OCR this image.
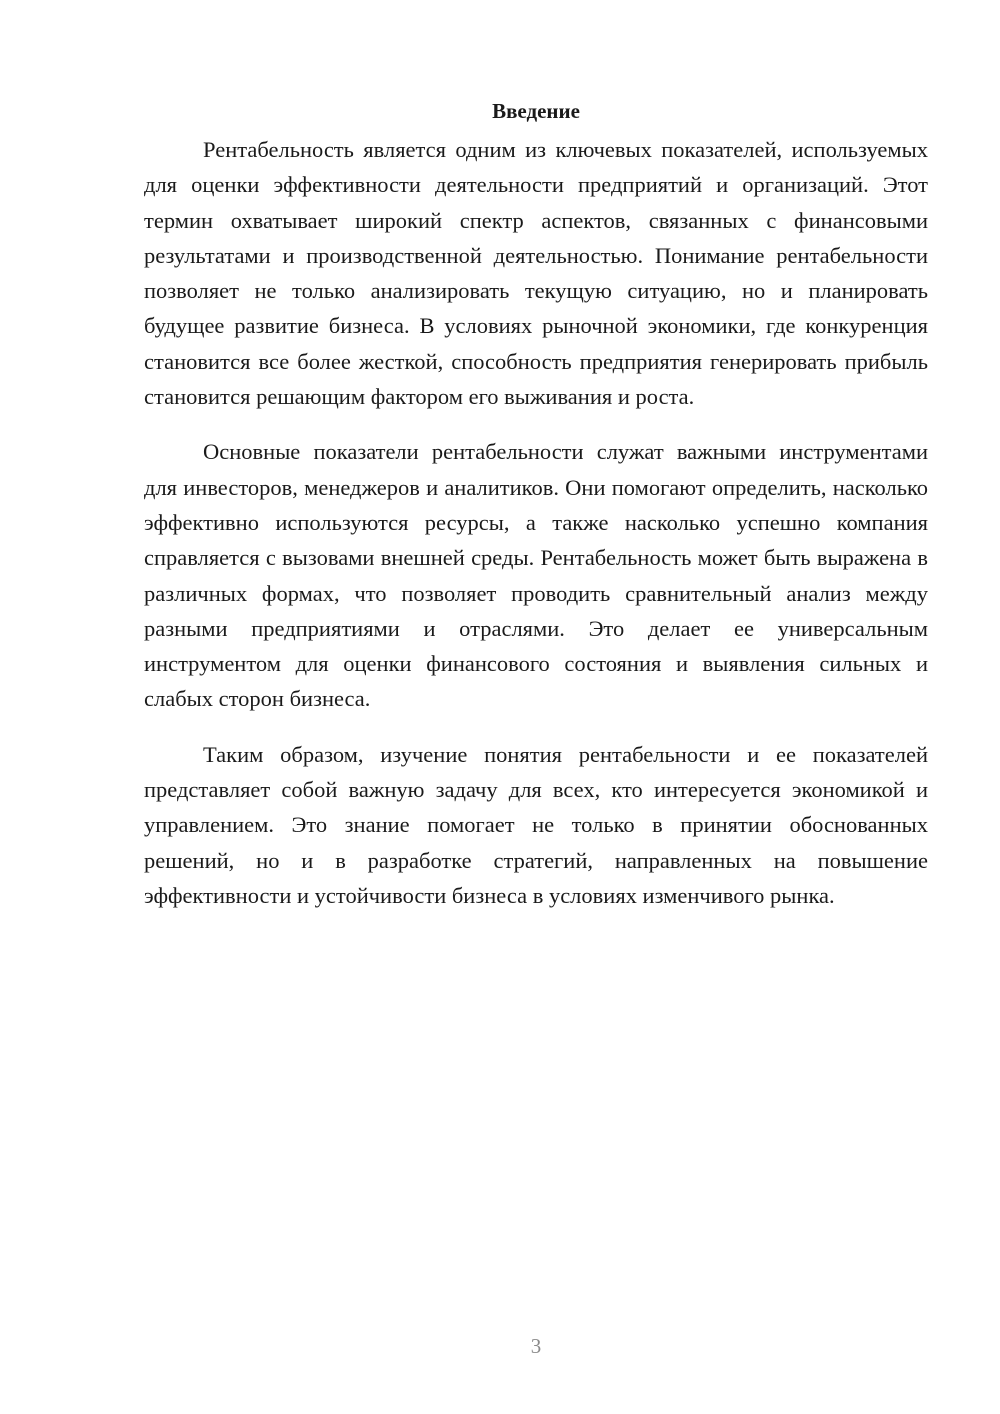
Введение

Рентабельность является одним из ключевых показателей, используемых для оценки эффективности деятельности предприятий и организаций. Этот термин охватывает широкий спектр аспектов, связанных с финансовыми результатами и производственной деятельностью. Понимание рентабельности позволяет не только анализировать текущую ситуацию, но и планировать будущее развитие бизнеса. В условиях рыночной экономики, где конкуренция становится все более жесткой, способность предприятия генерировать прибыль становится решающим фактором его выживания и роста.

Основные показатели рентабельности служат важными инструментами для инвесторов, менеджеров и аналитиков. Они помогают определить, насколько эффективно используются ресурсы, а также насколько успешно компания справляется с вызовами внешней среды. Рентабельность может быть выражена в различных формах, что позволяет проводить сравнительный анализ между разными предприятиями и отраслями. Это делает ее универсальным инструментом для оценки финансового состояния и выявления сильных и слабых сторон бизнеса.

Таким образом, изучение понятия рентабельности и ее показателей представляет собой важную задачу для всех, кто интересуется экономикой и управлением. Это знание помогает не только в принятии обоснованных решений, но и в разработке стратегий, направленных на повышение эффективности и устойчивости бизнеса в условиях изменчивого рынка.

3
